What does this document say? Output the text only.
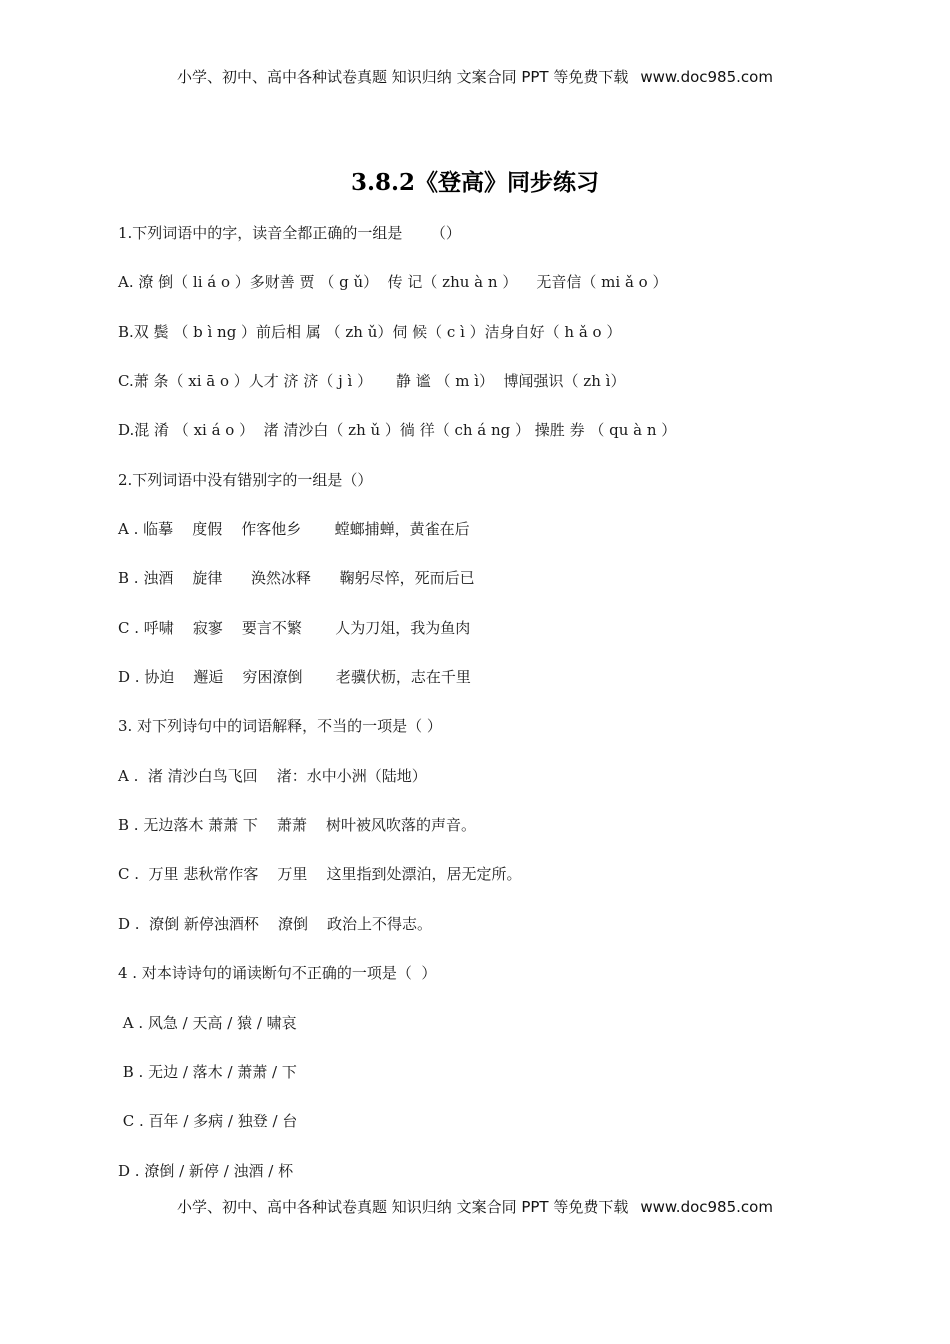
小学、初中、高中各种试卷真题 知识归纳 文案合同 PPT 等免费下载 www.doc985.com
3.8.2《登高》同步练习
1.下列词语中的字，读音全都正确的一组是      （）
A. 潦 倒（ li á o ）多财善 贾 （ g ǔ）  传 记（ zhu à n ）    无音信（ mi ǎ o ）
B.双 鬓 （ b ì ng ）前后相 属 （ zh ǔ）伺 候（ c ì ）洁身自好（ h ǎ o ）
C.萧 条（ xi ā o ）人才 济 济（ j ì ）     静 谧 （ m ì）  博闻强识（ zh ì）
D.混 淆 （ xi á o ）  渚 清沙白（ zh ǔ ）徜 徉（ ch á ng ） 操胜 券 （ qu à n ）
2.下列词语中没有错别字的一组是（）
A . 临摹    度假    作客他乡       螳螂捕蝉，黄雀在后
B . 浊酒    旋律      涣然冰释      鞠躬尽悴，死而后已
C . 呼啸    寂寥    要言不繁       人为刀俎，我为鱼肉
D . 协迫    邂逅    穷困潦倒       老骥伏枥，志在千里
3. 对下列诗句中的词语解释，不当的一项是（ ）
A .  渚 清沙白鸟飞回    渚：水中小洲（陆地）
B . 无边落木 萧萧 下    萧萧    树叶被风吹落的声音。
C .  万里 悲秋常作客    万里    这里指到处漂泊，居无定所。
D .  潦倒 新停浊酒杯    潦倒    政治上不得志。
4 . 对本诗诗句的诵读断句不正确的一项是（  ）
A . 风急 / 天高 / 猿 / 啸哀
B . 无边 / 落木 / 萧萧 / 下
C . 百年 / 多病 / 独登 / 台
D . 潦倒 / 新停 / 浊酒 / 杯
小学、初中、高中各种试卷真题 知识归纳 文案合同 PPT 等免费下载 www.doc985.com
